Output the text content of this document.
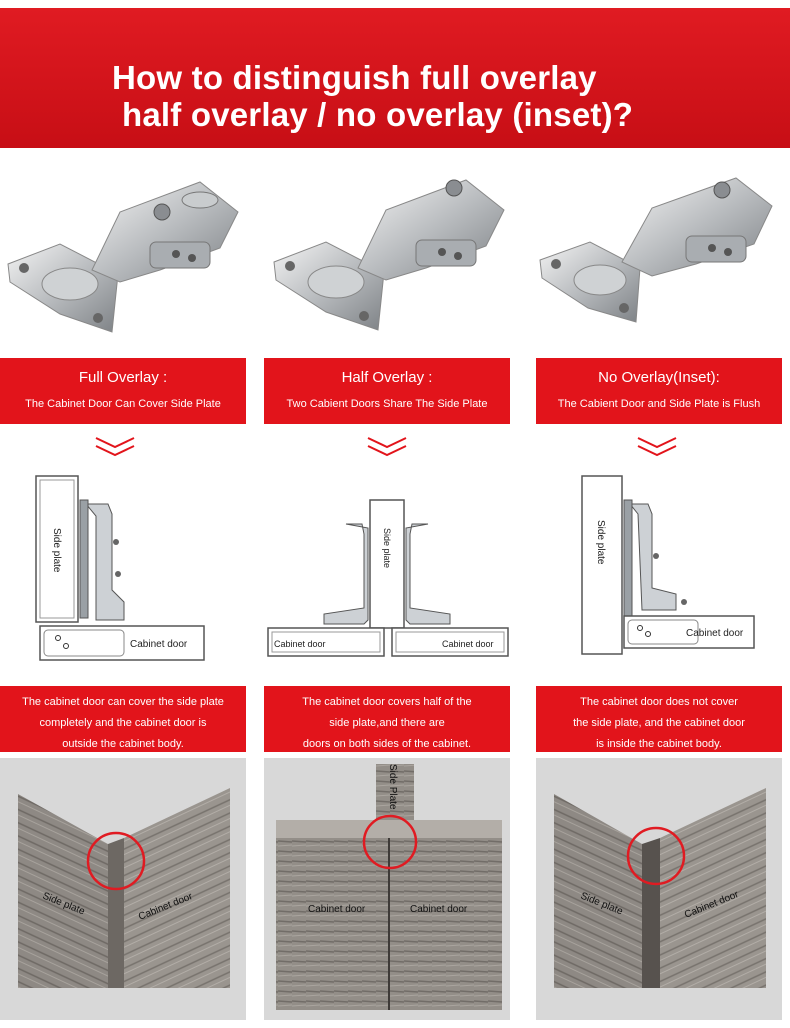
How to distinguish full overlay
half overlay / no overlay (inset)?
Full Overlay :
The Cabinet Door Can Cover Side Plate
Cabinet door
Side plate
The cabinet door can cover the side plate
completely and the cabinet door is
outside the cabinet body.
Side plate	Cabinet door
Half Overlay :
Two Cabient Doors Share The Side Plate
Cabinet door	Cabinet door
Side plate
The cabinet door covers half of the
side plate,and there are
doors on both sides of the cabinet.
Side Plate
Cabinet door	Cabinet door
No Overlay(Inset):
The Cabient Door and Side Plate is Flush
Cabinet door
Side plate
The cabinet door does not cover
the side plate, and the cabinet door
is inside the cabinet body.
Side plate	Cabinet door
